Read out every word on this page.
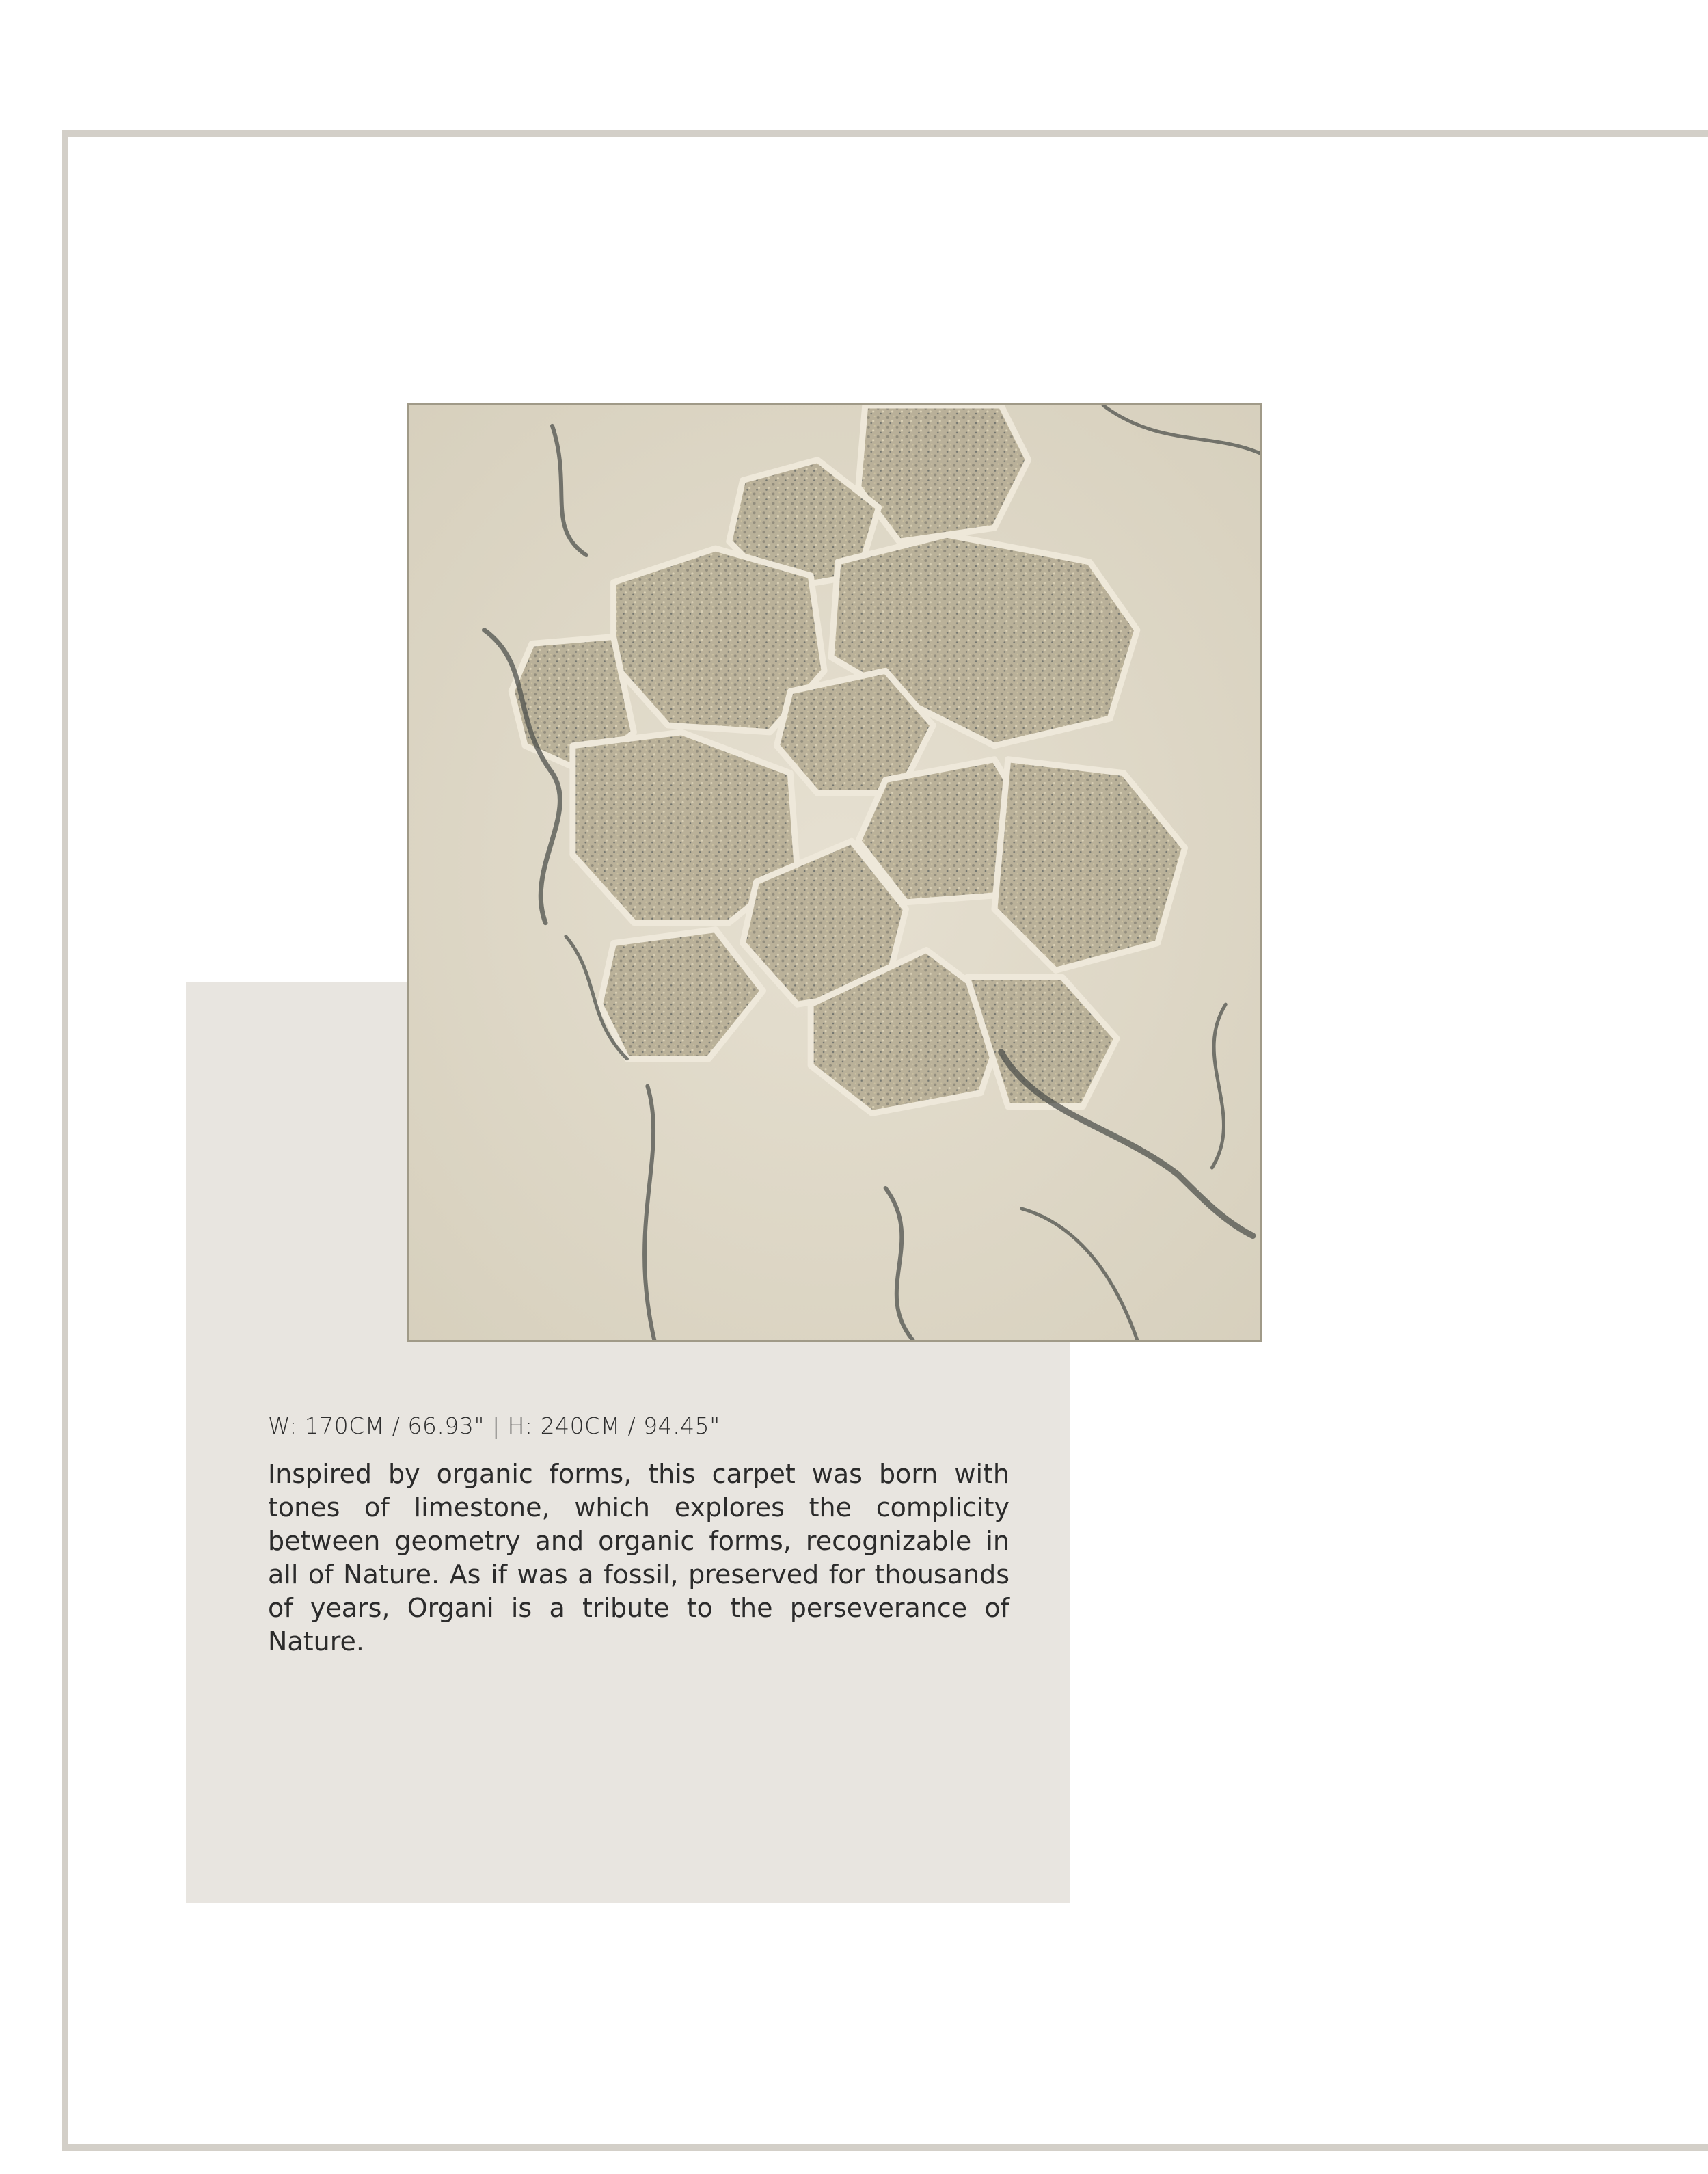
W: 170CM / 66.93" | H: 240CM / 94.45"

Inspired by organic forms, this carpet was born with tones of limestone, which explores the complicity between geometry and organic forms, recognizable in all of Nature. As if was a fossil, preserved for thousands of years, Organi is a tribute to the perseverance of Nature.
